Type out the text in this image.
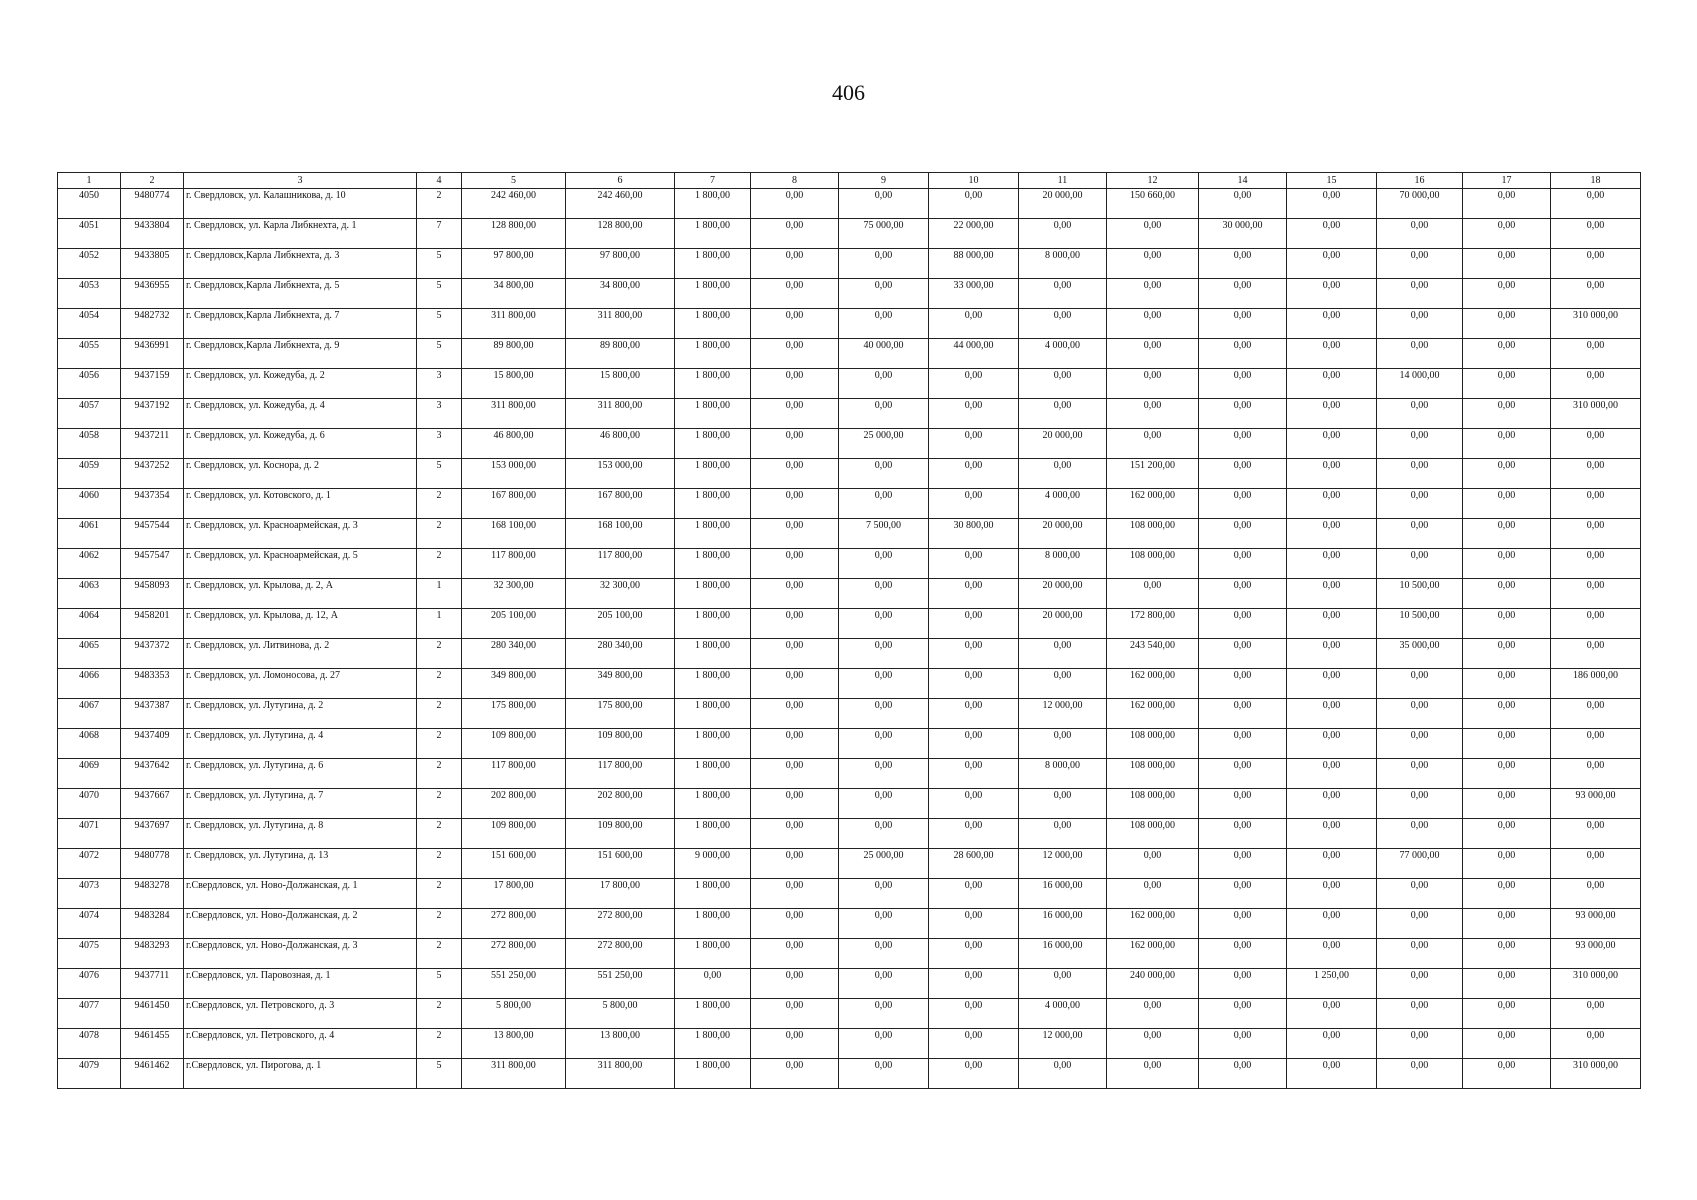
406
1	2	3	4	5	6	7	8	9	10	11	12	14	15	16	17	18
4050	9480774	г. Свердловск, ул. Калашникова, д. 10	2	242 460,00	242 460,00	1 800,00	0,00	0,00	0,00	20 000,00	150 660,00	0,00	0,00	70 000,00	0,00	0,00
4051	9433804	г. Свердловск, ул. Карла Либкнехта, д. 1	7	128 800,00	128 800,00	1 800,00	0,00	75 000,00	22 000,00	0,00	0,00	30 000,00	0,00	0,00	0,00	0,00
4052	9433805	г. Свердловск,Карла Либкнехта, д. 3	5	97 800,00	97 800,00	1 800,00	0,00	0,00	88 000,00	8 000,00	0,00	0,00	0,00	0,00	0,00	0,00
4053	9436955	г. Свердловск,Карла Либкнехта, д. 5	5	34 800,00	34 800,00	1 800,00	0,00	0,00	33 000,00	0,00	0,00	0,00	0,00	0,00	0,00	0,00
4054	9482732	г. Свердловск,Карла Либкнехта, д. 7	5	311 800,00	311 800,00	1 800,00	0,00	0,00	0,00	0,00	0,00	0,00	0,00	0,00	0,00	310 000,00
4055	9436991	г. Свердловск,Карла Либкнехта, д. 9	5	89 800,00	89 800,00	1 800,00	0,00	40 000,00	44 000,00	4 000,00	0,00	0,00	0,00	0,00	0,00	0,00
4056	9437159	г. Свердловск, ул. Кожедуба, д. 2	3	15 800,00	15 800,00	1 800,00	0,00	0,00	0,00	0,00	0,00	0,00	0,00	14 000,00	0,00	0,00
4057	9437192	г. Свердловск, ул. Кожедуба, д. 4	3	311 800,00	311 800,00	1 800,00	0,00	0,00	0,00	0,00	0,00	0,00	0,00	0,00	0,00	310 000,00
4058	9437211	г. Свердловск, ул. Кожедуба, д. 6	3	46 800,00	46 800,00	1 800,00	0,00	25 000,00	0,00	20 000,00	0,00	0,00	0,00	0,00	0,00	0,00
4059	9437252	г. Свердловск, ул. Коснора, д. 2	5	153 000,00	153 000,00	1 800,00	0,00	0,00	0,00	0,00	151 200,00	0,00	0,00	0,00	0,00	0,00
4060	9437354	г. Свердловск, ул. Котовского, д. 1	2	167 800,00	167 800,00	1 800,00	0,00	0,00	0,00	4 000,00	162 000,00	0,00	0,00	0,00	0,00	0,00
4061	9457544	г. Свердловск, ул. Красноармейская, д. 3	2	168 100,00	168 100,00	1 800,00	0,00	7 500,00	30 800,00	20 000,00	108 000,00	0,00	0,00	0,00	0,00	0,00
4062	9457547	г. Свердловск, ул. Красноармейская, д. 5	2	117 800,00	117 800,00	1 800,00	0,00	0,00	0,00	8 000,00	108 000,00	0,00	0,00	0,00	0,00	0,00
4063	9458093	г. Свердловск, ул. Крылова, д. 2, А	1	32 300,00	32 300,00	1 800,00	0,00	0,00	0,00	20 000,00	0,00	0,00	0,00	10 500,00	0,00	0,00
4064	9458201	г. Свердловск, ул. Крылова, д. 12, А	1	205 100,00	205 100,00	1 800,00	0,00	0,00	0,00	20 000,00	172 800,00	0,00	0,00	10 500,00	0,00	0,00
4065	9437372	г. Свердловск, ул. Литвинова, д. 2	2	280 340,00	280 340,00	1 800,00	0,00	0,00	0,00	0,00	243 540,00	0,00	0,00	35 000,00	0,00	0,00
4066	9483353	г. Свердловск, ул. Ломоносова, д. 27	2	349 800,00	349 800,00	1 800,00	0,00	0,00	0,00	0,00	162 000,00	0,00	0,00	0,00	0,00	186 000,00
4067	9437387	г. Свердловск, ул. Лутугина, д. 2	2	175 800,00	175 800,00	1 800,00	0,00	0,00	0,00	12 000,00	162 000,00	0,00	0,00	0,00	0,00	0,00
4068	9437409	г. Свердловск, ул. Лутугина, д. 4	2	109 800,00	109 800,00	1 800,00	0,00	0,00	0,00	0,00	108 000,00	0,00	0,00	0,00	0,00	0,00
4069	9437642	г. Свердловск, ул. Лутугина, д. 6	2	117 800,00	117 800,00	1 800,00	0,00	0,00	0,00	8 000,00	108 000,00	0,00	0,00	0,00	0,00	0,00
4070	9437667	г. Свердловск, ул. Лутугина, д. 7	2	202 800,00	202 800,00	1 800,00	0,00	0,00	0,00	0,00	108 000,00	0,00	0,00	0,00	0,00	93 000,00
4071	9437697	г. Свердловск, ул. Лутугина, д. 8	2	109 800,00	109 800,00	1 800,00	0,00	0,00	0,00	0,00	108 000,00	0,00	0,00	0,00	0,00	0,00
4072	9480778	г. Свердловск, ул. Лутугина, д. 13	2	151 600,00	151 600,00	9 000,00	0,00	25 000,00	28 600,00	12 000,00	0,00	0,00	0,00	77 000,00	0,00	0,00
4073	9483278	г.Свердловск, ул. Ново-Должанская, д. 1	2	17 800,00	17 800,00	1 800,00	0,00	0,00	0,00	16 000,00	0,00	0,00	0,00	0,00	0,00	0,00
4074	9483284	г.Свердловск, ул. Ново-Должанская, д. 2	2	272 800,00	272 800,00	1 800,00	0,00	0,00	0,00	16 000,00	162 000,00	0,00	0,00	0,00	0,00	93 000,00
4075	9483293	г.Свердловск, ул. Ново-Должанская, д. 3	2	272 800,00	272 800,00	1 800,00	0,00	0,00	0,00	16 000,00	162 000,00	0,00	0,00	0,00	0,00	93 000,00
4076	9437711	г.Свердловск, ул. Паровозная, д. 1	5	551 250,00	551 250,00	0,00	0,00	0,00	0,00	0,00	240 000,00	0,00	1 250,00	0,00	0,00	310 000,00
4077	9461450	г.Свердловск, ул. Петровского, д. 3	2	5 800,00	5 800,00	1 800,00	0,00	0,00	0,00	4 000,00	0,00	0,00	0,00	0,00	0,00	0,00
4078	9461455	г.Свердловск, ул. Петровского, д. 4	2	13 800,00	13 800,00	1 800,00	0,00	0,00	0,00	12 000,00	0,00	0,00	0,00	0,00	0,00	0,00
4079	9461462	г.Свердловск, ул. Пирогова, д. 1	5	311 800,00	311 800,00	1 800,00	0,00	0,00	0,00	0,00	0,00	0,00	0,00	0,00	0,00	310 000,00
